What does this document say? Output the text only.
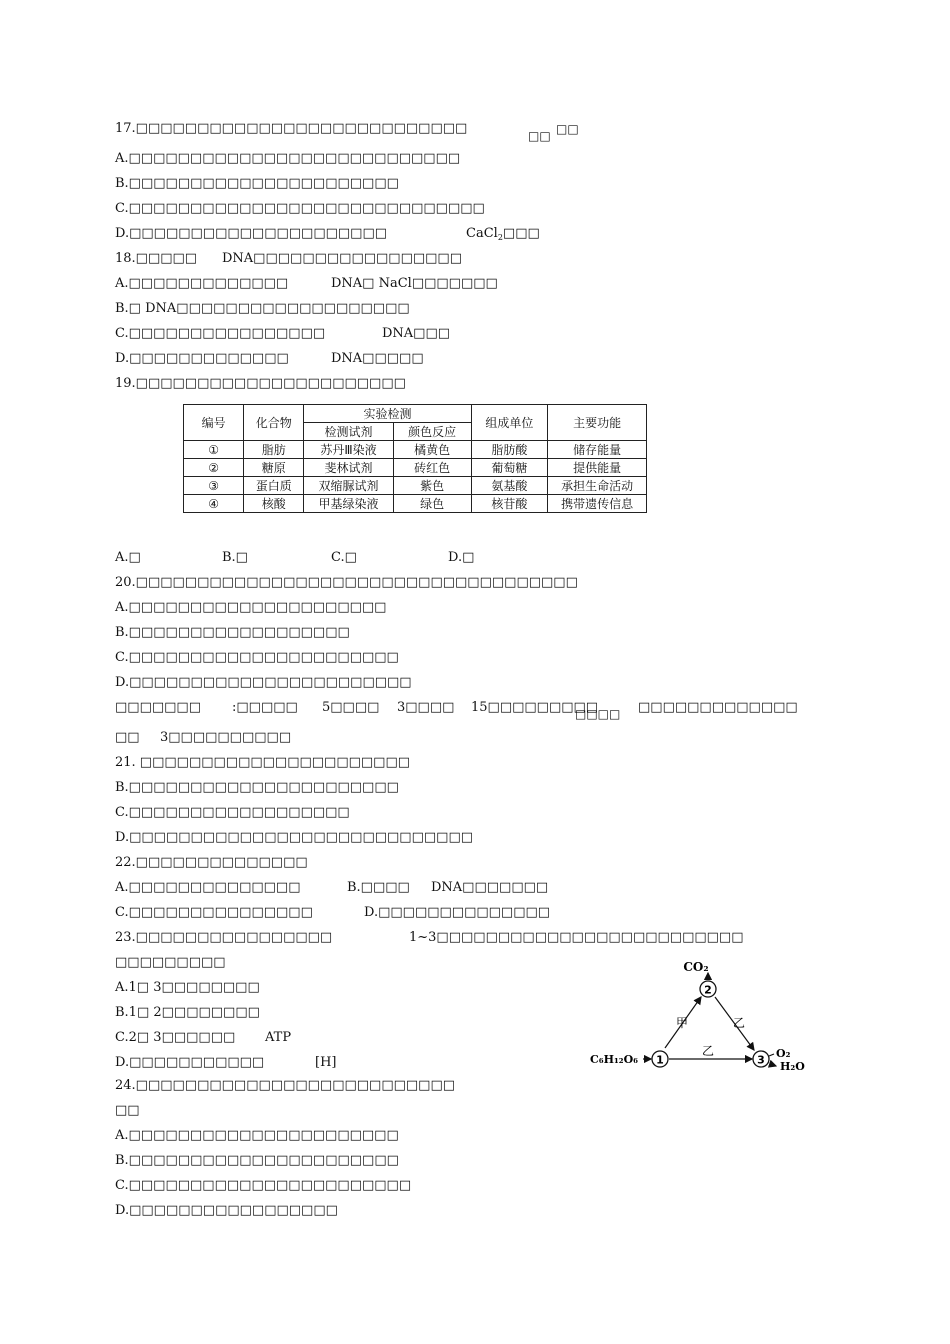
17.□□□□□□□□□□□□□□□□□□□□□□□□□□□	□□ □□
A.□□□□□□□□□□□□□□□□□□□□□□□□□□□
B.□□□□□□□□□□□□□□□□□□□□□□
C.□□□□□□□□□□□□□□□□□□□□□□□□□□□□□
D.□□□□□□□□□□□□□□□□□□□□□	CaCl$_2$□□□
18.□□□□□ DNA□□□□□□□□□□□□□□□□□
A.□□□□□□□□□□□□□	DNA□ NaCl□□□□□□□
B.□ DNA□□□□□□□□□□□□□□□□□□□
C.□□□□□□□□□□□□□□□□	DNA□□□
D.□□□□□□□□□□□□□	DNA□□□□□
19.□□□□□□□□□□□□□□□□□□□□□□
编号	化合物	实验检测		组成单位	主要功能
		检测试剂	颜色反应		
①	脂肪	苏丹Ⅲ染液	橘黄色	脂肪酸	储存能量
②	糖原	斐林试剂	砖红色	葡萄糖	提供能量
③	蛋白质	双缩脲试剂	紫色	氨基酸	承担生命活动
④	核酸	甲基绿染液	绿色	核苷酸	携带遗传信息
A.□	B.□	C.□	D.□
20.□□□□□□□□□□□□□□□□□□□□□□□□□□□□□□□□□□□□
A.□□□□□□□□□□□□□□□□□□□□□
B.□□□□□□□□□□□□□□□□□□
C.□□□□□□□□□□□□□□□□□□□□□□
D.□□□□□□□□□□□□□□□□□□□□□□□
□□□□□□□ :□□□□□ 5□□□□ 3□□□□ 15□□□□□□□□□
□□□□ □□□□□□□□□□□□□
□□ 3□□□□□□□□□□
21. □□□□□□□□□□□□□□□□□□□□□□
B.□□□□□□□□□□□□□□□□□□□□□□
C.□□□□□□□□□□□□□□□□□□
D.□□□□□□□□□□□□□□□□□□□□□□□□□□□□
22.□□□□□□□□□□□□□□
A.□□□□□□□□□□□□□□	B.□□□□ DNA□□□□□□□
C.□□□□□□□□□□□□□□□	D.□□□□□□□□□□□□□□
23.□□□□□□□□□□□□□□□□	1~3□□□□□□□□□□□□□□□□□□□□□□□□□
□□□□□□□□□
A.1□ 3□□□□□□□□
B.1□ 2□□□□□□□□
C.2□ 3□□□□□□ ATP
D.□□□□□□□□□□□	[H]
CO₂
2
甲	乙
C₆H₁₂O₆ 1
乙
3 O₂
H₂O
24.□□□□□□□□□□□□□□□□□□□□□□□□□□
□□
A.□□□□□□□□□□□□□□□□□□□□□□
B.□□□□□□□□□□□□□□□□□□□□□□
C.□□□□□□□□□□□□□□□□□□□□□□□
D.□□□□□□□□□□□□□□□□□
